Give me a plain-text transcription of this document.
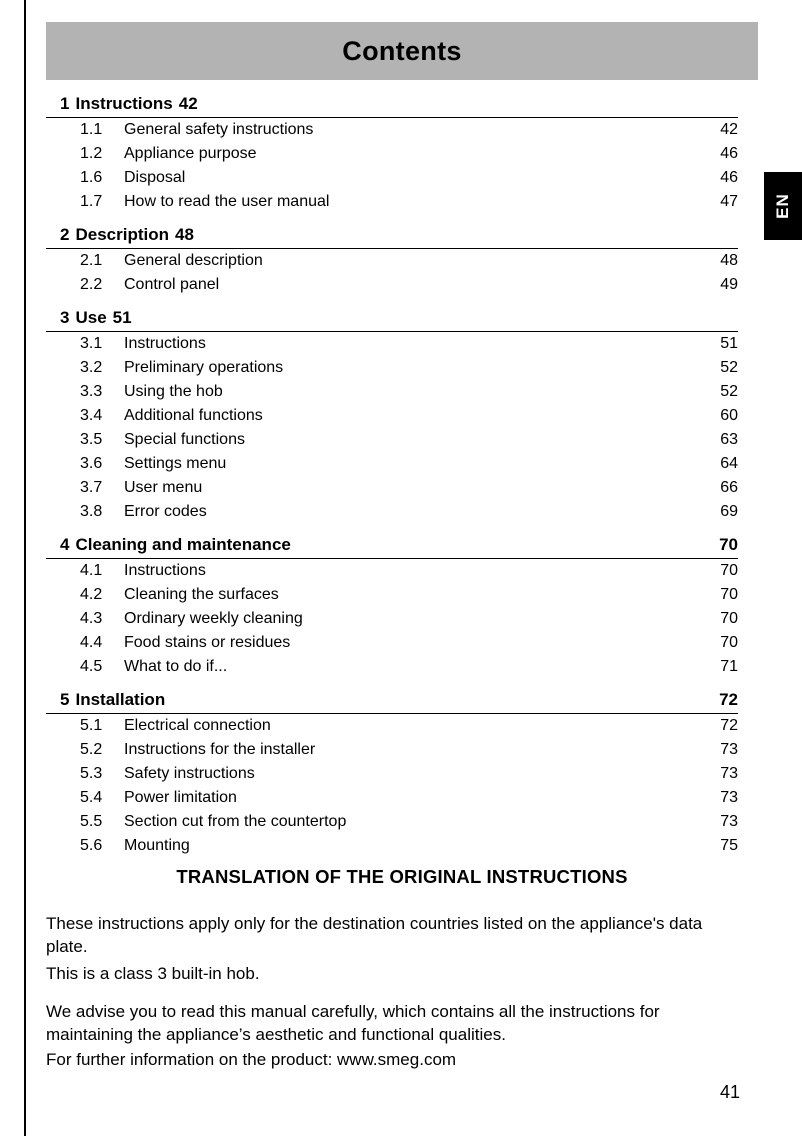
Contents
EN
1 Instructions 42
1.1	General safety instructions	42
1.2	Appliance purpose	46
1.6	Disposal	46
1.7	How to read the user manual	47
2 Description 48
2.1	General description	48
2.2	Control panel	49
3 Use 51
3.1	Instructions	51
3.2	Preliminary operations	52
3.3	Using the hob	52
3.4	Additional functions	60
3.5	Special functions	63
3.6	Settings menu	64
3.7	User menu	66
3.8	Error codes	69
4 Cleaning and maintenance	70
4.1	Instructions	70
4.2	Cleaning the surfaces	70
4.3	Ordinary weekly cleaning	70
4.4	Food stains or residues	70
4.5	What to do if...	71
5 Installation	72
5.1	Electrical connection	72
5.2	Instructions for the installer	73
5.3	Safety instructions	73
5.4	Power limitation	73
5.5	Section cut from the countertop	73
5.6	Mounting	75
TRANSLATION OF THE ORIGINAL INSTRUCTIONS
These instructions apply only for the destination countries listed on the appliance's data plate.
This is a class 3 built-in hob.
We advise you to read this manual carefully, which contains all the instructions for maintaining the appliance’s aesthetic and functional qualities.
For further information on the product: www.smeg.com
41
